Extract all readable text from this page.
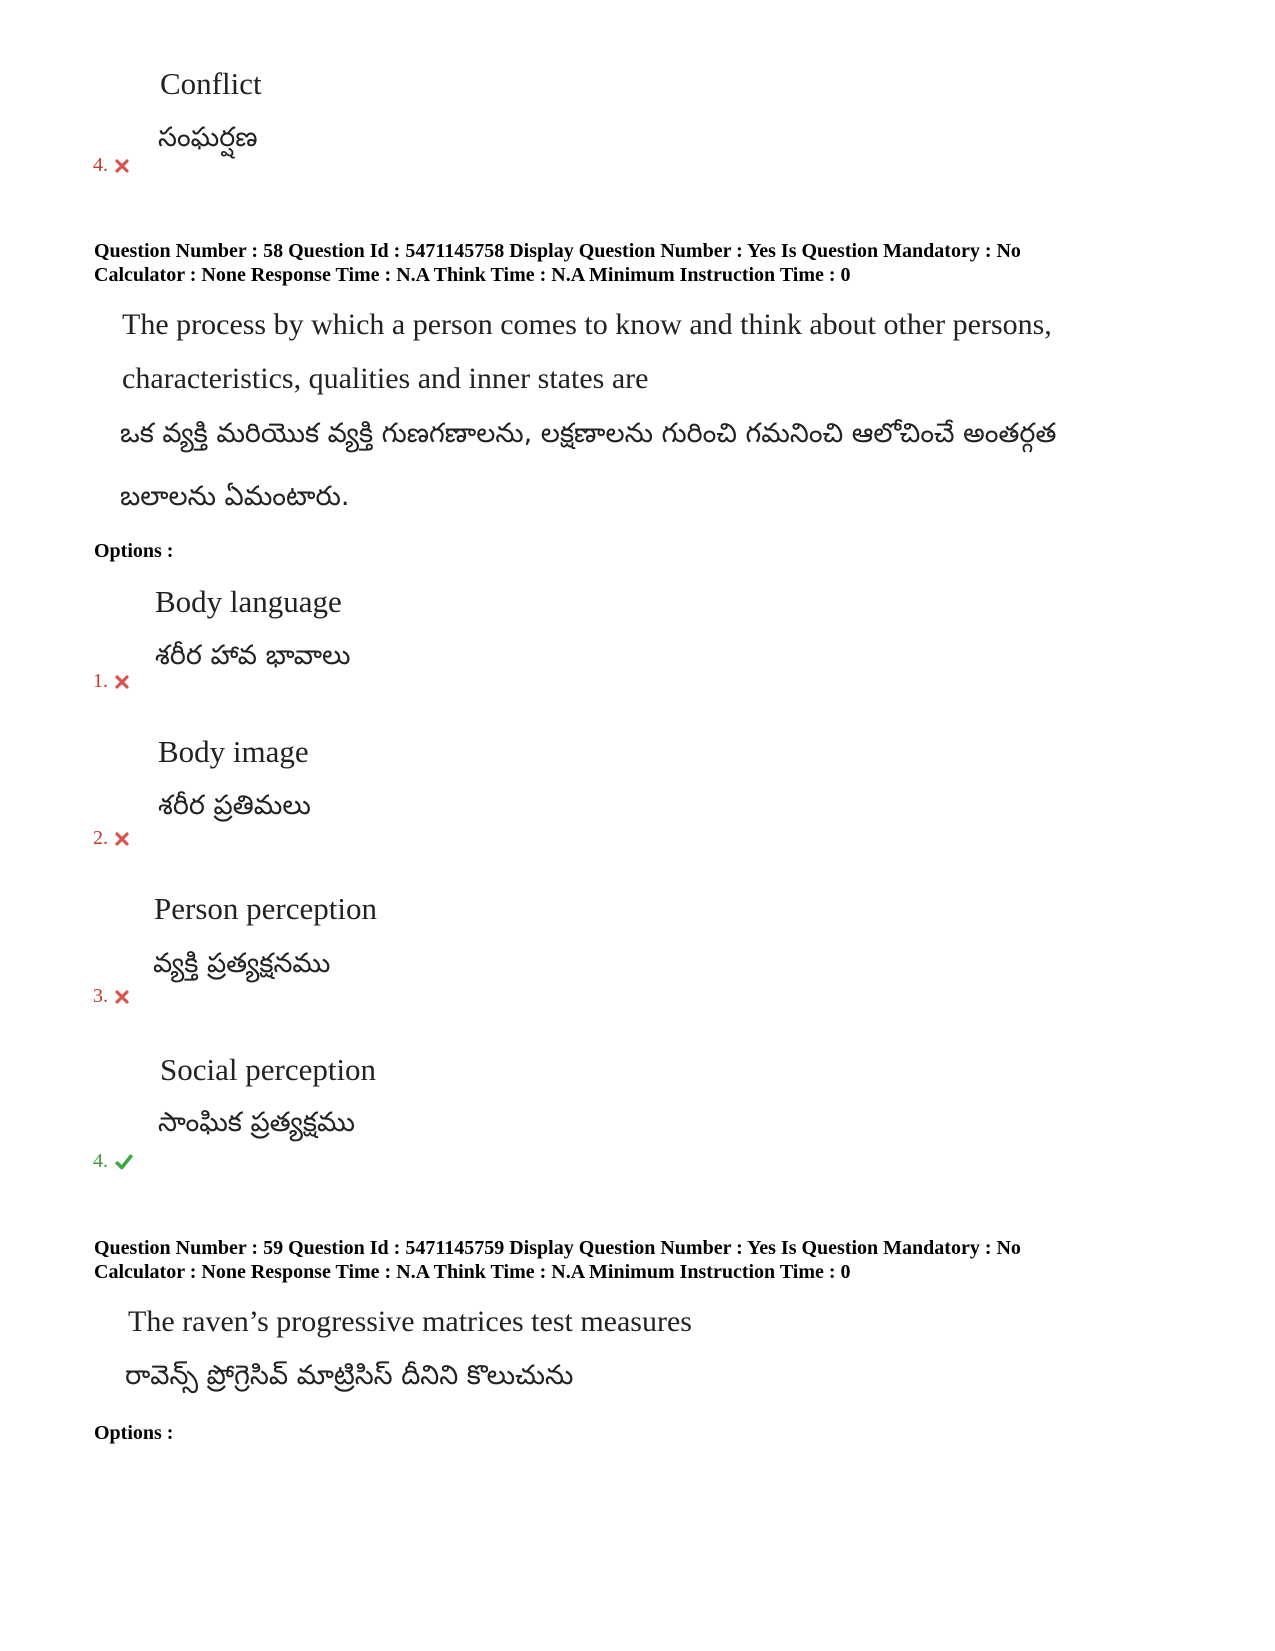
Conflict
సంఘర్షణ
4.
Question Number : 58 Question Id : 5471145758 Display Question Number : Yes Is Question Mandatory : No
Calculator : None Response Time : N.A Think Time : N.A Minimum Instruction Time : 0
The process by which a person comes to know and think about other persons,
characteristics, qualities and inner states are
ఒక వ్యక్తి మరియొక వ్యక్తి గుణగణాలను, లక్షణాలను గురించి గమనించి ఆలోచించే అంతర్గత
బలాలను ఏమంటారు.
Options :
Body language
శరీర హావ భావాలు
1.
Body image
శరీర ప్రతిమలు
2.
Person perception
వ్యక్తి ప్రత్యక్షనము
3.
Social perception
సాంఘిక ప్రత్యక్షము
4.
Question Number : 59 Question Id : 5471145759 Display Question Number : Yes Is Question Mandatory : No
Calculator : None Response Time : N.A Think Time : N.A Minimum Instruction Time : 0
The raven’s progressive matrices test measures
రావెన్స్ ప్రోగ్రెసివ్ మాట్రిసిస్ దీనిని కొలుచును
Options :
